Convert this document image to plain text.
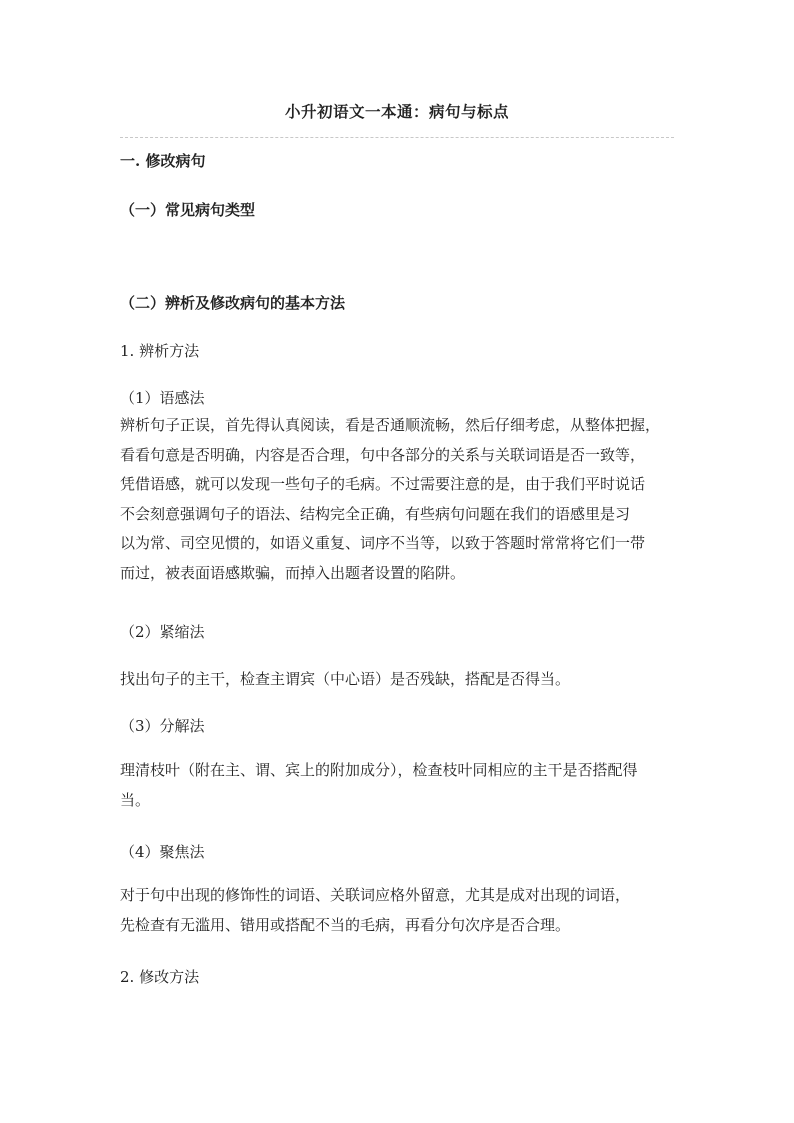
小升初语文一本通：病句与标点
一. 修改病句
（一）常见病句类型
（二）辨析及修改病句的基本方法
1. 辨析方法
（1）语感法
辨析句子正误，首先得认真阅读，看是否通顺流畅，然后仔细考虑，从整体把握，
看看句意是否明确，内容是否合理，句中各部分的关系与关联词语是否一致等，
凭借语感，就可以发现一些句子的毛病。不过需要注意的是，由于我们平时说话
不会刻意强调句子的语法、结构完全正确，有些病句问题在我们的语感里是习
以为常、司空见惯的，如语义重复、词序不当等，以致于答题时常常将它们一带
而过，被表面语感欺骗，而掉入出题者设置的陷阱。
（2）紧缩法
找出句子的主干，检查主谓宾（中心语）是否残缺，搭配是否得当。
（3）分解法
理清枝叶（附在主、谓、宾上的附加成分），检查枝叶同相应的主干是否搭配得
当。
（4）聚焦法
对于句中出现的修饰性的词语、关联词应格外留意，尤其是成对出现的词语，
先检查有无滥用、错用或搭配不当的毛病，再看分句次序是否合理。
2. 修改方法
